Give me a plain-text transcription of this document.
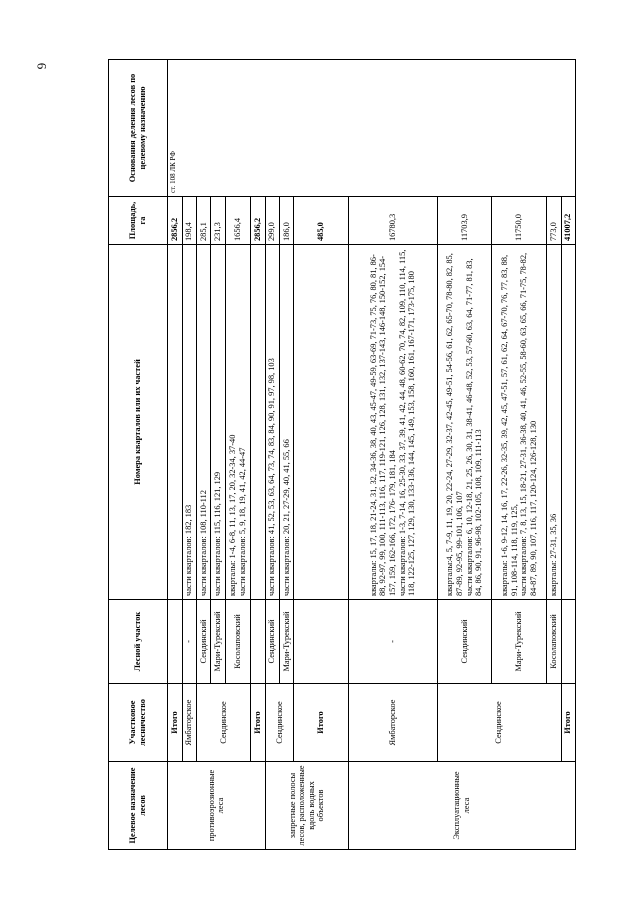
6
Целевое назначение лесов	Участковое лесничество	Лесной участок	Номера кварталов или их частей	Площадь, га	Основания деления лесов по целевому назначению
противоэрозионные леса	Итого			2856,2	ст. 108 ЛК РФ
	Ямбаторское	-	части кварталов: 182, 183	198,4	
	Сендинское	Сендинский	части кварталов: 108, 110-112	285,1	
		Мари-Турекский	части кварталов: 115, 116, 121, 129	231,3	
		Косолаповский	кварталы: 1-4, 6-8, 11, 13, 17, 20, 32-34, 37-40 части кварталов: 5, 9, 18, 19, 41, 42, 44-47	1656,4	
	Итого			2856,2	
запретные полосы лесов, расположенные вдоль водных объектов	Сендинское	Сендинский	части кварталов: 41, 52, 53, 63, 64, 73, 74, 83, 84, 90, 91, 97, 98, 103	299,0	
		Мари-Турекский	части кварталов: 20, 21, 27-29, 40, 41, 55, 66	186,0	
	Итого			485,0	
Эксплуатационные леса	Ямбаторское	-	кварталы: 15, 17, 18, 21-24, 31, 32, 34-36, 38, 40, 43, 45-47, 49-59, 63-69, 71-73, 75, 76, 80, 81, 86-88, 92-97, 99, 100, 111-113, 116, 117, 119-121, 126, 128, 131, 132, 137-143, 146-148, 150-152, 154-157, 159, 162-166, 172, 176- 179, 181, 184 части кварталов: 1-3, 7-14, 16, 25-30, 33, 37, 39, 41, 42, 44, 48, 60-62, 70, 74, 82, 109, 110, 114, 115, 118, 122-125, 127, 129, 130, 133-136, 144, 145, 149, 153, 158, 160, 161, 167-171, 173-175, 180	16780,3	
	Сендинское	Сендинский	кварталы:4, 5, 7-9, 11, 19, 20, 22-24, 27-29, 32-37, 42-45, 49-51, 54-56, 61, 62, 65-70, 78-80, 82, 85, 87-89, 92-95, 99-101, 106, 107 части кварталов: 6, 10, 12-18, 21, 25, 26, 30, 31, 38-41, 46-48, 52, 53, 57-60, 63, 64, 71-77, 81, 83, 84, 86, 90, 91, 96-98, 102-105, 108, 109, 111-113	11703,9	
		Мари-Турекский	кварталы: 1-6, 9-12, 14, 16, 17, 22-26, 32-35, 39, 42, 45, 47-51, 57, 61, 62, 64, 67-70, 76, 77, 83, 88, 91, 108-114, 118, 119, 125, части кварталов: 7, 8, 13, 15, 18-21, 27-31, 36-38, 40, 41, 46, 52-55, 58-60, 63, 65, 66, 71-75, 78-82, 84-87, 89, 90, 107, 116, 117, 120-124, 126-128, 130	11750,0	
		Косолаповский	кварталы: 27-31, 35, 36	773,0	
	Итого			41007,2	
